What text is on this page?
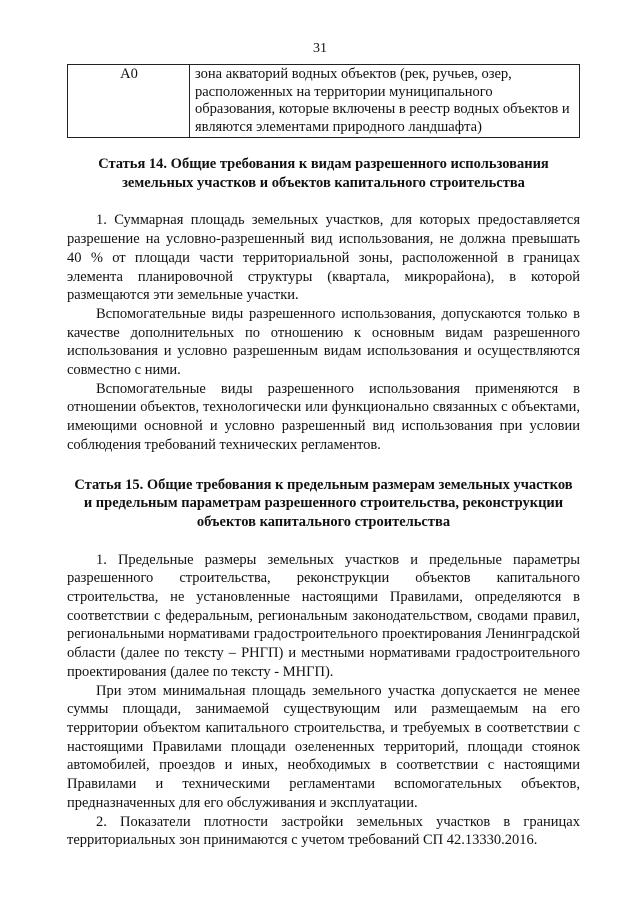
31
А0	зона акваторий водных объектов (рек, ручьев, озер,
расположенных на территории муниципального
образования, которые включены в реестр водных объектов и
являются элементами природного ландшафта)
Статья 14. Общие требования к видам разрешенного использования
земельных участков и объектов капитального строительства

1. Суммарная площадь земельных участков, для которых предоставляется разрешение на условно-разрешенный вид использования, не должна превышать 40 % от площади части территориальной зоны, расположенной в границах элемента планировочной структуры (квартала, микрорайона), в которой размещаются эти земельные участки.

Вспомогательные виды разрешенного использования, допускаются только в качестве дополнительных по отношению к основным видам разрешенного использования и условно разрешенным видам использования и осуществляются совместно с ними.

Вспомогательные виды разрешенного использования применяются в отношении объектов, технологически или функционально связанных с объектами, имеющими основной и условно разрешенный вид использования при условии соблюдения требований технических регламентов.

Статья 15. Общие требования к предельным размерам земельных участков
и предельным параметрам разрешенного строительства, реконструкции
объектов капитального строительства

1. Предельные размеры земельных участков и предельные параметры разрешенного строительства, реконструкции объектов капитального строительства, не установленные настоящими Правилами, определяются в соответствии с федеральным, региональным законодательством, сводами правил, региональными нормативами градостроительного проектирования Ленинградской области (далее по тексту – РНГП) и местными нормативами градостроительного проектирования (далее по тексту - МНГП).

При этом минимальная площадь земельного участка допускается не менее суммы площади, занимаемой существующим или размещаемым на его территории объектом капитального строительства, и требуемых в соответствии с настоящими Правилами площади озелененных территорий, площади стоянок автомобилей, проездов и иных, необходимых в соответствии с настоящими Правилами и техническими регламентами вспомогательных объектов, предназначенных для его обслуживания и эксплуатации.

2. Показатели плотности застройки земельных участков в границах территориальных зон принимаются с учетом требований СП 42.13330.2016.
